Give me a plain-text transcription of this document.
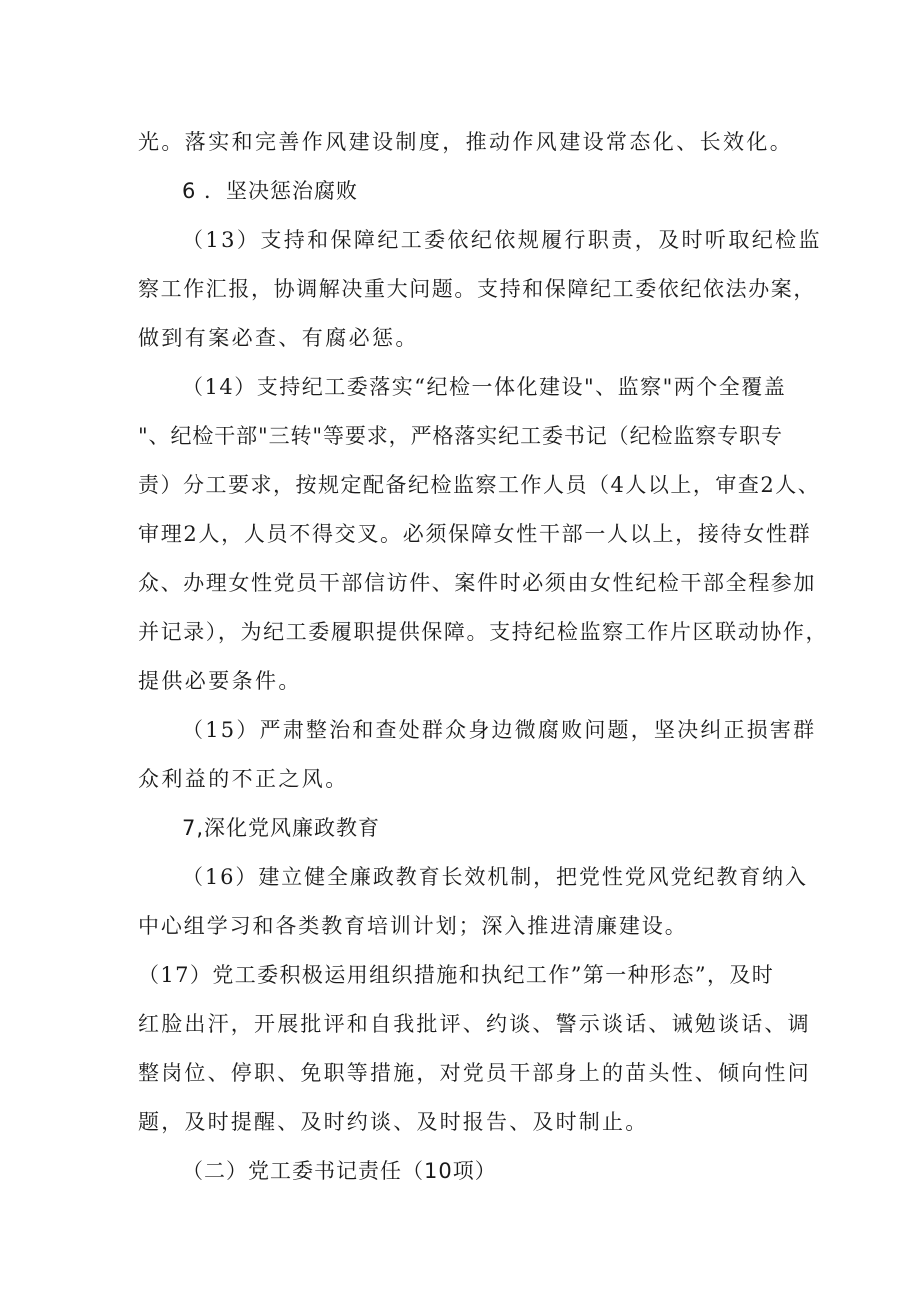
光。落实和完善作风建设制度，推动作风建设常态化、长效化。
6 ．坚决惩治腐败
（13）支持和保障纪工委依纪依规履行职责，及时听取纪检监
察工作汇报，协调解决重大问题。支持和保障纪工委依纪依法办案，
做到有案必查、有腐必惩。
（14）支持纪工委落实“纪检一体化建设"、监察"两个全覆盖
"、纪检干部"三转"等要求，严格落实纪工委书记（纪检监察专职专
责）分工要求，按规定配备纪检监察工作人员（4人以上，审查2人、
审理2人，人员不得交叉。必须保障女性干部一人以上，接待女性群
众、办理女性党员干部信访件、案件时必须由女性纪检干部全程参加
并记录），为纪工委履职提供保障。支持纪检监察工作片区联动协作，
提供必要条件。
（15）严肃整治和查处群众身边微腐败问题，坚决纠正损害群
众利益的不正之风。
7,深化党风廉政教育
（16）建立健全廉政教育长效机制，把党性党风党纪教育纳入
中心组学习和各类教育培训计划；深入推进清廉建设。
（17）党工委积极运用组织措施和执纪工作”第一种形态”，及时
红脸出汗，开展批评和自我批评、约谈、警示谈话、诫勉谈话、调
整岗位、停职、免职等措施，对党员干部身上的苗头性、倾向性问
题，及时提醒、及时约谈、及时报告、及时制止。
（二）党工委书记责任（10项）
